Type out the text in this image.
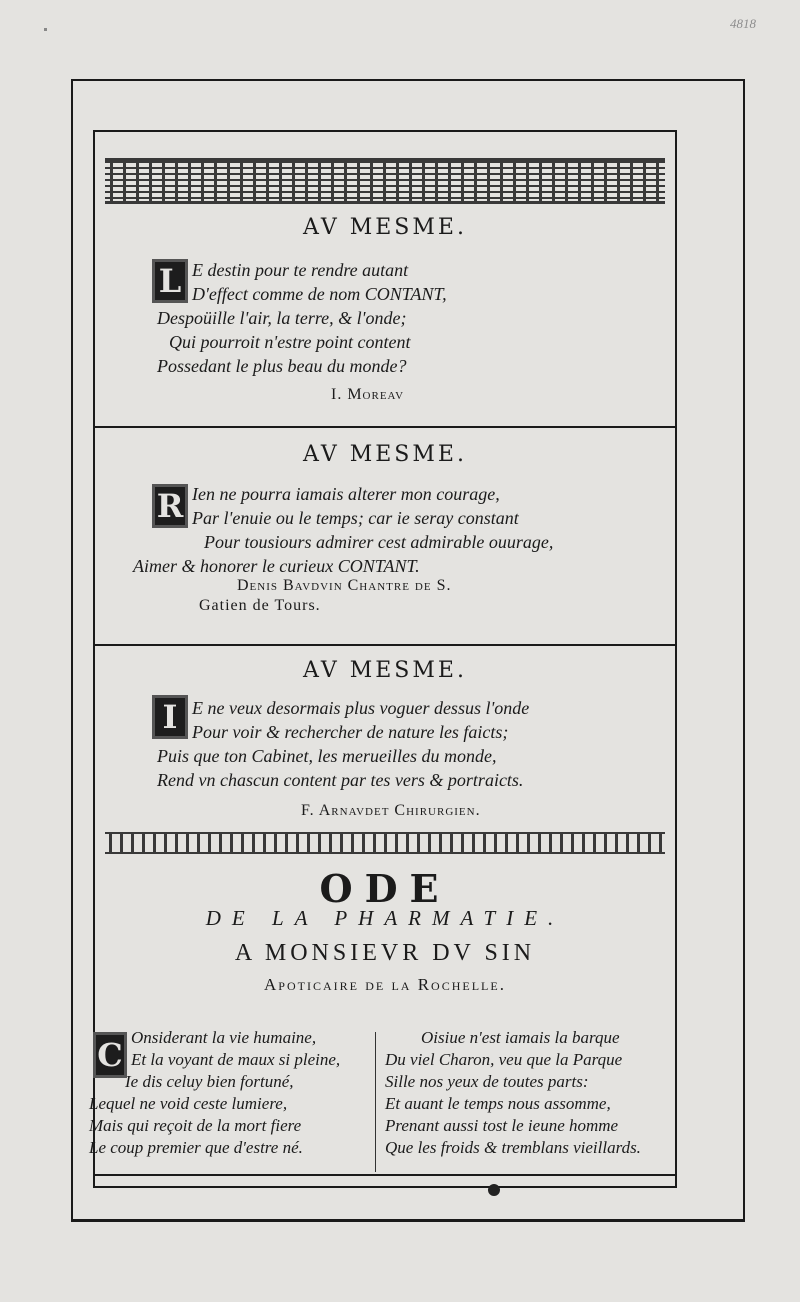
4818
AV MESME.
L E destin pour te rendre autant
D'effect comme de nom CONTANT,
Despoüille l'air, la terre, & l'onde;
Qui pourroit n'estre point content
Possedant le plus beau du monde?
I. Moreav
AV MESME.
R Ien ne pourra iamais alterer mon courage,
Par l'enuie ou le temps; car ie seray constant
Pour tousiours admirer cest admirable ouurage,
Aimer & honorer le curieux CONTANT.
Denis Bavdvin Chantre de S.
Gatien de Tours.
AV MESME.
I E ne veux desormais plus voguer dessus l'onde
Pour voir & rechercher de nature les faicts;
Puis que ton Cabinet, les merueilles du monde,
Rend vn chascun content par tes vers & portraicts.
F. Arnavdet Chirurgien.
ODE
DE LA PHARMATIE.
A MONSIEVR DV SIN
Apoticaire de la Rochelle.
C Onsiderant la vie humaine,
Et la voyant de maux si pleine,
Ie dis celuy bien fortuné,
Lequel ne void ceste lumiere,
Mais qui reçoit de la mort fiere
Le coup premier que d'estre né.
Oisiue n'est iamais la barque
Du viel Charon, veu que la Parque
Sille nos yeux de toutes parts:
Et auant le temps nous assomme,
Prenant aussi tost le ieune homme
Que les froids & tremblans vieillards.
